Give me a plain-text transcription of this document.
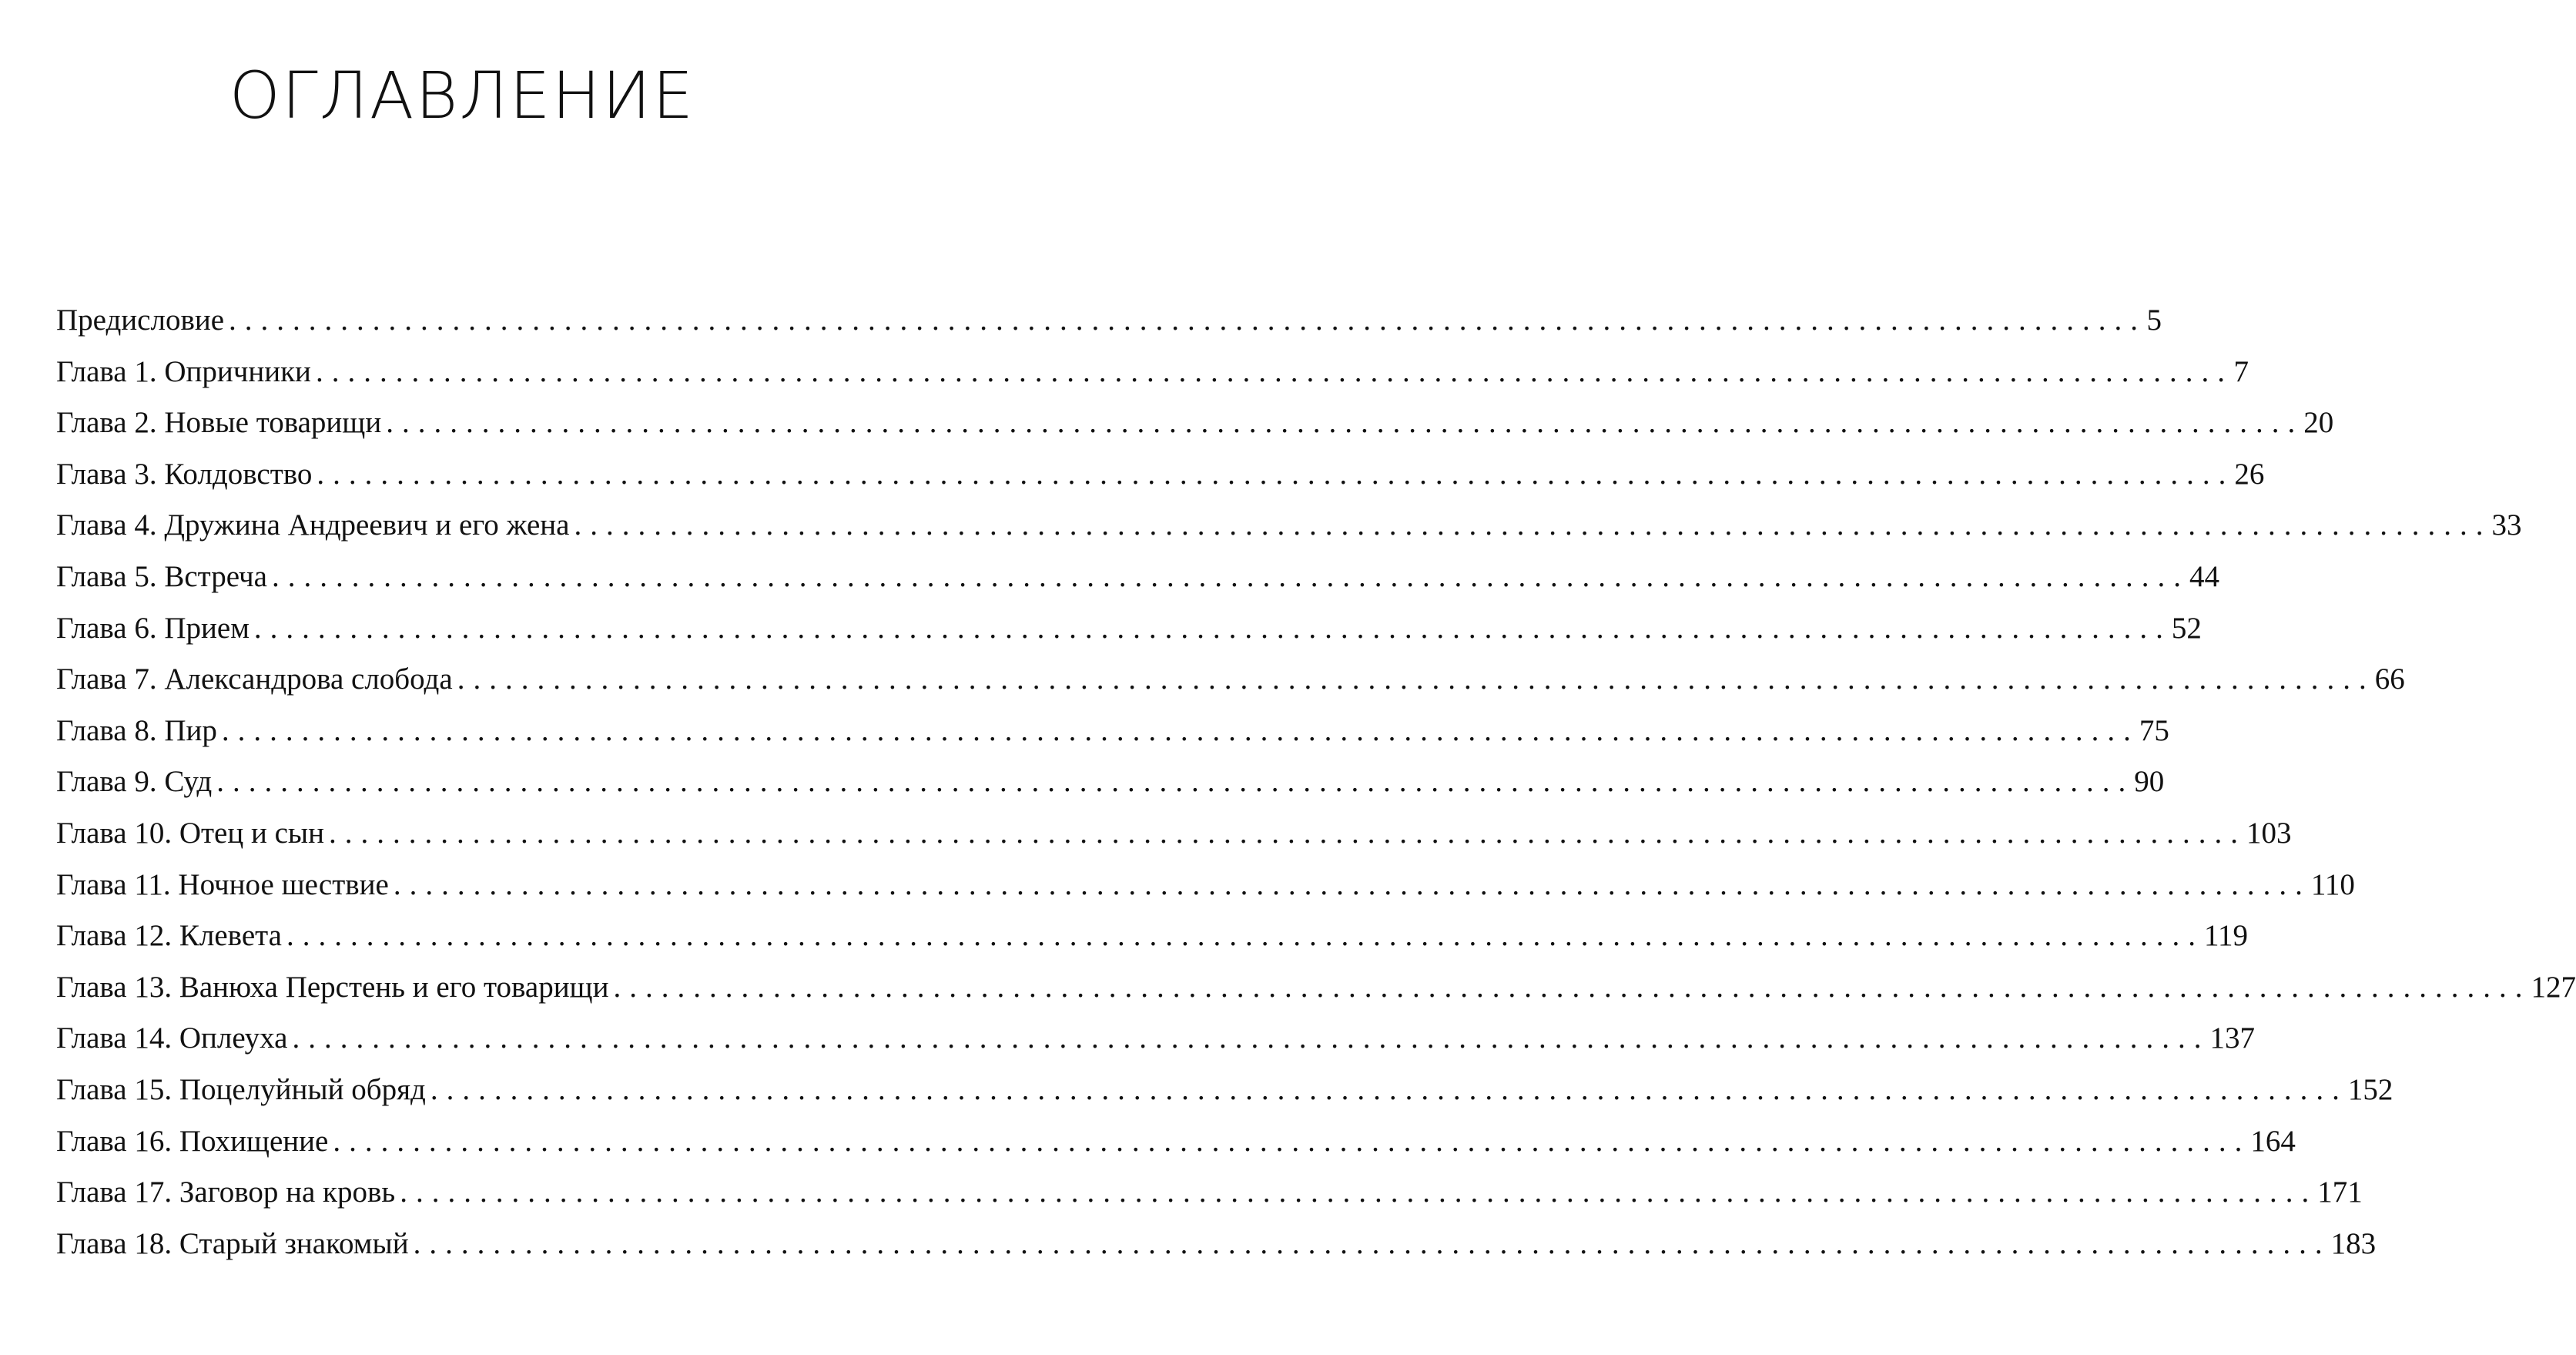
ОГЛАВЛЕНИЕ
Предисловие ........................................................................................................................ 5
Глава 1. Опричники ........................................................................................................................ 7
Глава 2. Новые товарищи ........................................................................................................................ 20
Глава 3. Колдовство ........................................................................................................................ 26
Глава 4. Дружина Андреевич и его жена ........................................................................................................................ 33
Глава 5. Встреча ........................................................................................................................ 44
Глава 6. Прием ........................................................................................................................ 52
Глава 7. Александрова слобода ........................................................................................................................ 66
Глава 8. Пир ........................................................................................................................ 75
Глава 9. Суд ........................................................................................................................ 90
Глава 10. Отец и сын ........................................................................................................................ 103
Глава 11. Ночное шествие ........................................................................................................................ 110
Глава 12. Клевета ........................................................................................................................ 119
Глава 13. Ванюха Перстень и его товарищи ........................................................................................................................ 127
Глава 14. Оплеуха ........................................................................................................................ 137
Глава 15. Поцелуйный обряд ........................................................................................................................ 152
Глава 16. Похищение ........................................................................................................................ 164
Глава 17. Заговор на кровь ........................................................................................................................ 171
Глава 18. Старый знакомый ........................................................................................................................ 183
